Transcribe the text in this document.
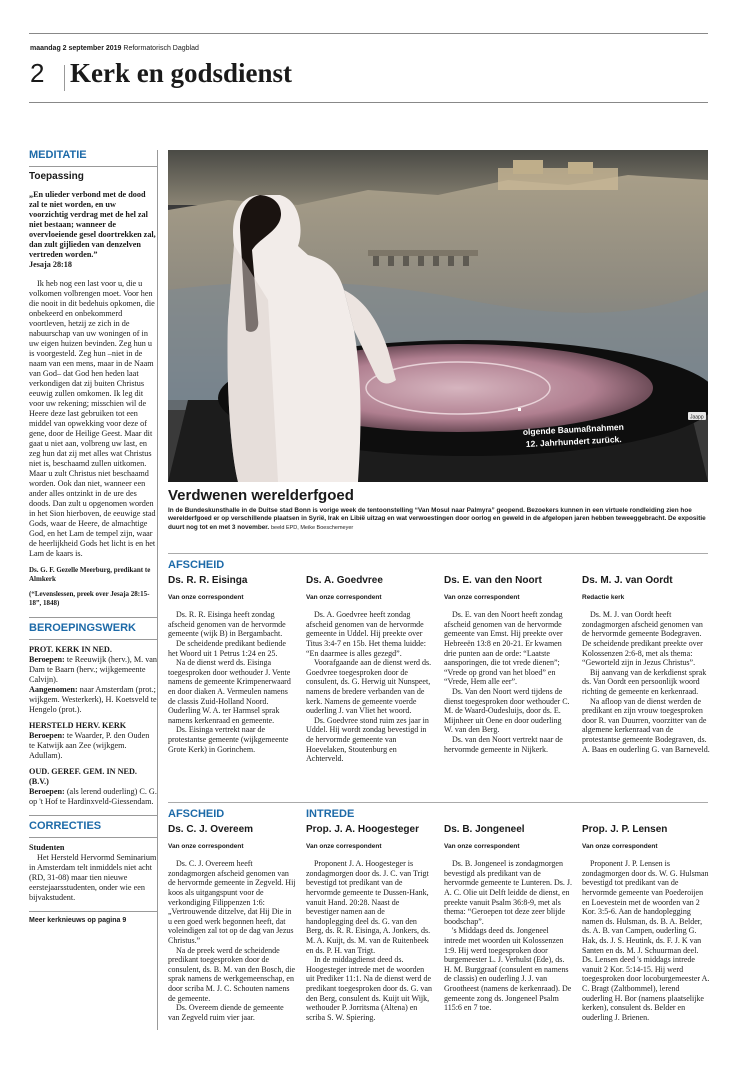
maandag 2 september 2019 Reformatorisch Dagblad
2 Kerk en godsdienst
MEDITATIE
Toepassing

„En ulieder verbond met de dood zal te niet worden, en uw voorzichtig verdrag met de hel zal niet bestaan; wanneer de overvloeiende gesel doortrekken zal, dan zult gijlieden van denzelven vertreden worden.”

Jesaja 28:18

Ik heb nog een last voor u, die u volkomen volbrengen moet. Voor hen die nooit in dit bedehuis opkomen, die onbekeerd en onbekommerd voortleven, hetzij ze zich in de nabuurschap van uw woningen of in uw eigen huizen bevinden. Zeg hun u is voorgesteld. Zeg hun –niet in de naam van een mens, maar in de Naam van God– dat God hen heden laat verkondigen dat zij buiten Christus eeuwig zullen omkomen. Ik leg dit voor uw rekening; misschien wil de Heere deze last gebruiken tot een middel van opwekking voor deze of gene, door de Heilige Geest. Maar dit gaat u niet aan, volbreng uw last, en zeg hun dat zij met alles wat Christus niet is, beschaamd zullen uitkomen. Maar u zult Christus niet beschaamd worden. Ook dan niet, wanneer een ander alles ontzinkt in de ure des doods. Dan zult u opgenomen worden in het Sion hierboven, de eeuwige stad Gods, waar de Heere, de almachtige God, en het Lam de tempel zijn, waar de heerlijkheid Gods het licht is en het Lam de kaars is.

Ds. G. F. Gezelle Meerburg, predikant te Almkerk

(“Levenslessen, preek over Jesaja 28:15-18”, 1848)

BEROEPINGSWERK
PROT. KERK IN NED.
Beroepen: te Reeuwijk (herv.), M. van Dam te Baarn (herv.; wijkgemeente Calvijn).
Aangenomen: naar Amsterdam (prot.; wijkgem. Westerkerk), H. Koetsveld te Hengelo (prot.).
HERSTELD HERV. KERK
Beroepen: te Waarder, P. den Ouden te Katwijk aan Zee (wijkgem. Adullam).
OUD. GEREF. GEM. IN NED. (B.V.)
Beroepen: (als lerend ouderling) C. G. op 't Hof te Hardinxveld-Giessendam.
CORRECTIES

Studenten

Het Hersteld Hervormd Seminarium in Amsterdam telt inmiddels niet acht (RD, 31-08) maar tien nieuwe eerstejaarsstudenten, onder wie een bijvakstudent.

Meer kerknieuws op pagina 9

olgende Baumaßnahmen
12. Jahrhundert zurück.
Jaapp
Verdwenen werelderfgoed
In de Bundeskunsthalle in de Duitse stad Bonn is vorige week de tentoonstelling “Van Mosul naar Palmyra” geopend. Bezoekers kunnen in een virtuele rondleiding zien hoe werelderfgoed er op verschillende plaatsen in Syrië, Irak en Libië uitzag en wat verwoestingen door oorlog en geweld in de afgelopen jaren hebben teweeggebracht. De expositie duurt nog tot en met 3 november. beeld EPD, Meike Boeschemeyer
AFSCHEID
Ds. R. R. Eisinga
Van onze correspondent

Ds. R. R. Eisinga heeft zondag afscheid genomen van de hervormde gemeente (wijk B) in Bergambacht.

De scheidende predikant bediende het Woord uit 1 Petrus 1:24 en 25.

Na de dienst werd ds. Eisinga toegesproken door wethouder J. Vente namens de gemeente Krimpenerwaard en door diaken A. Vermeulen namens de classis Zuid-Holland Noord. Ouderling W. A. ter Harmsel sprak namens kerkenraad en gemeente.

Ds. Eisinga vertrekt naar de protestantse gemeente (wijkgemeente Grote Kerk) in Gorinchem.

Ds. A. Goedvree
Van onze correspondent

Ds. A. Goedvree heeft zondag afscheid genomen van de hervormde gemeente in Uddel. Hij preekte over Titus 3:4-7 en 15b. Het thema luidde: “En daarmee is alles gezegd”.

Voorafgaande aan de dienst werd ds. Goedvree toegesproken door de consulent, ds. G. Herwig uit Nunspeet, namens de bredere verbanden van de kerk. Namens de gemeente voerde ouderling J. van Vliet het woord.

Ds. Goedvree stond ruim zes jaar in Uddel. Hij wordt zondag bevestigd in de hervormde gemeente van Hoevelaken, Stoutenburg en Achterveld.

Ds. E. van den Noort
Van onze correspondent

Ds. E. van den Noort heeft zondag afscheid genomen van de hervormde gemeente van Emst. Hij preekte over Hebreeën 13:8 en 20-21. Er kwamen drie punten aan de orde: “Laatste aansporingen, die tot vrede dienen”; “Vrede op grond van het bloed” en “Vrede, Hem alle eer”.

Ds. Van den Noort werd tijdens de dienst toegesproken door wethouder C. M. de Waard-Oudesluijs, door ds. E. Mijnheer uit Oene en door ouderling W. van den Berg.

Ds. van den Noort vertrekt naar de hervormde gemeente in Nijkerk.

Ds. M. J. van Oordt
Redactie kerk

Ds. M. J. van Oordt heeft zondagmorgen afscheid genomen van de hervormde gemeente Bodegraven. De scheidende predikant preekte over Kolossenzen 2:6-8, met als thema: “Geworteld zijn in Jezus Christus”.

Bij aanvang van de kerkdienst sprak ds. Van Oordt een persoonlijk woord richting de gemeente en kerkenraad.

Na afloop van de dienst werden de predikant en zijn vrouw toegesproken door R. van Duurren, voorzitter van de algemene kerkenraad van de protestantse gemeente Bodegraven, ds. A. Baas en ouderling G. van Barneveld.

AFSCHEID	INTREDE
Ds. C. J. Overeem
Van onze correspondent

Ds. C. J. Overeem heeft zondagmorgen afscheid genomen van de hervormde gemeente in Zegveld. Hij koos als uitgangspunt voor de verkondiging Filippenzen 1:6: „Vertrouwende ditzelve, dat Hij Die in u een goed werk begonnen heeft, dat voleindigen zal tot op de dag van Jezus Christus.”

Na de preek werd de scheidende predikant toegesproken door de consulent, ds. B. M. van den Bosch, die sprak namens de werkgemeenschap, en door scriba M. J. C. Schouten namens de gemeente.

Ds. Overeem diende de gemeente van Zegveld ruim vier jaar.

Prop. J. A. Hoogesteger
Van onze correspondent

Proponent J. A. Hoogesteger is zondagmorgen door ds. J. C. van Trigt bevestigd tot predikant van de hervormde gemeente te Dussen-Hank, vanuit Hand. 20:28. Naast de bevestiger namen aan de handoplegging deel ds. G. van den Berg, ds. R. R. Eisinga, A. Jonkers, ds. M. A. Kuijt, ds. M. van de Ruitenbeek en ds. P. H. van Trigt.

In de middagdienst deed ds. Hoogesteger intrede met de woorden uit Prediker 11:1. Na de dienst werd de predikant toegesproken door ds. G. van den Berg, consulent ds. Kuijt uit Wijk, wethouder P. Jorritsma (Altena) en scriba S. W. Spiering.

Ds. B. Jongeneel
Van onze correspondent

Ds. B. Jongeneel is zondagmorgen bevestigd als predikant van de hervormde gemeente te Lunteren. Ds. J. A. C. Olie uit Delft leidde de dienst, en preekte vanuit Psalm 36:8-9, met als thema: “Geroepen tot deze zeer blijde boodschap”.

's Middags deed ds. Jongeneel intrede met woorden uit Kolossenzen 1:9. Hij werd toegesproken door burgemeester L. J. Verhulst (Ede), ds. H. M. Burggraaf (consulent en namens de classis) en ouderling J. J. van Grootheest (namens de kerkenraad). De gemeente zong ds. Jongeneel Psalm 115:6 en 7 toe.

Prop. J. P. Lensen
Van onze correspondent

Proponent J. P. Lensen is zondagmorgen door ds. W. G. Hulsman bevestigd tot predikant van de hervormde gemeente van Poederoijen en Loevestein met de woorden van 2 Kor. 3:5-6. Aan de handoplegging namen ds. Hulsman, ds. B. A. Belder, ds. A. B. van Campen, ouderling G. Hak, ds. J. S. Heutink, ds. F. J. K van Santen en ds. M. J. Schuurman deel. Ds. Lensen deed 's middags intrede vanuit 2 Kor. 5:14-15. Hij werd toegesproken door locoburgemeester A. C. Bragt (Zaltbommel), lerend ouderling H. Bor (namens plaatselijke kerken), consulent ds. Belder en ouderling J. Brienen.
